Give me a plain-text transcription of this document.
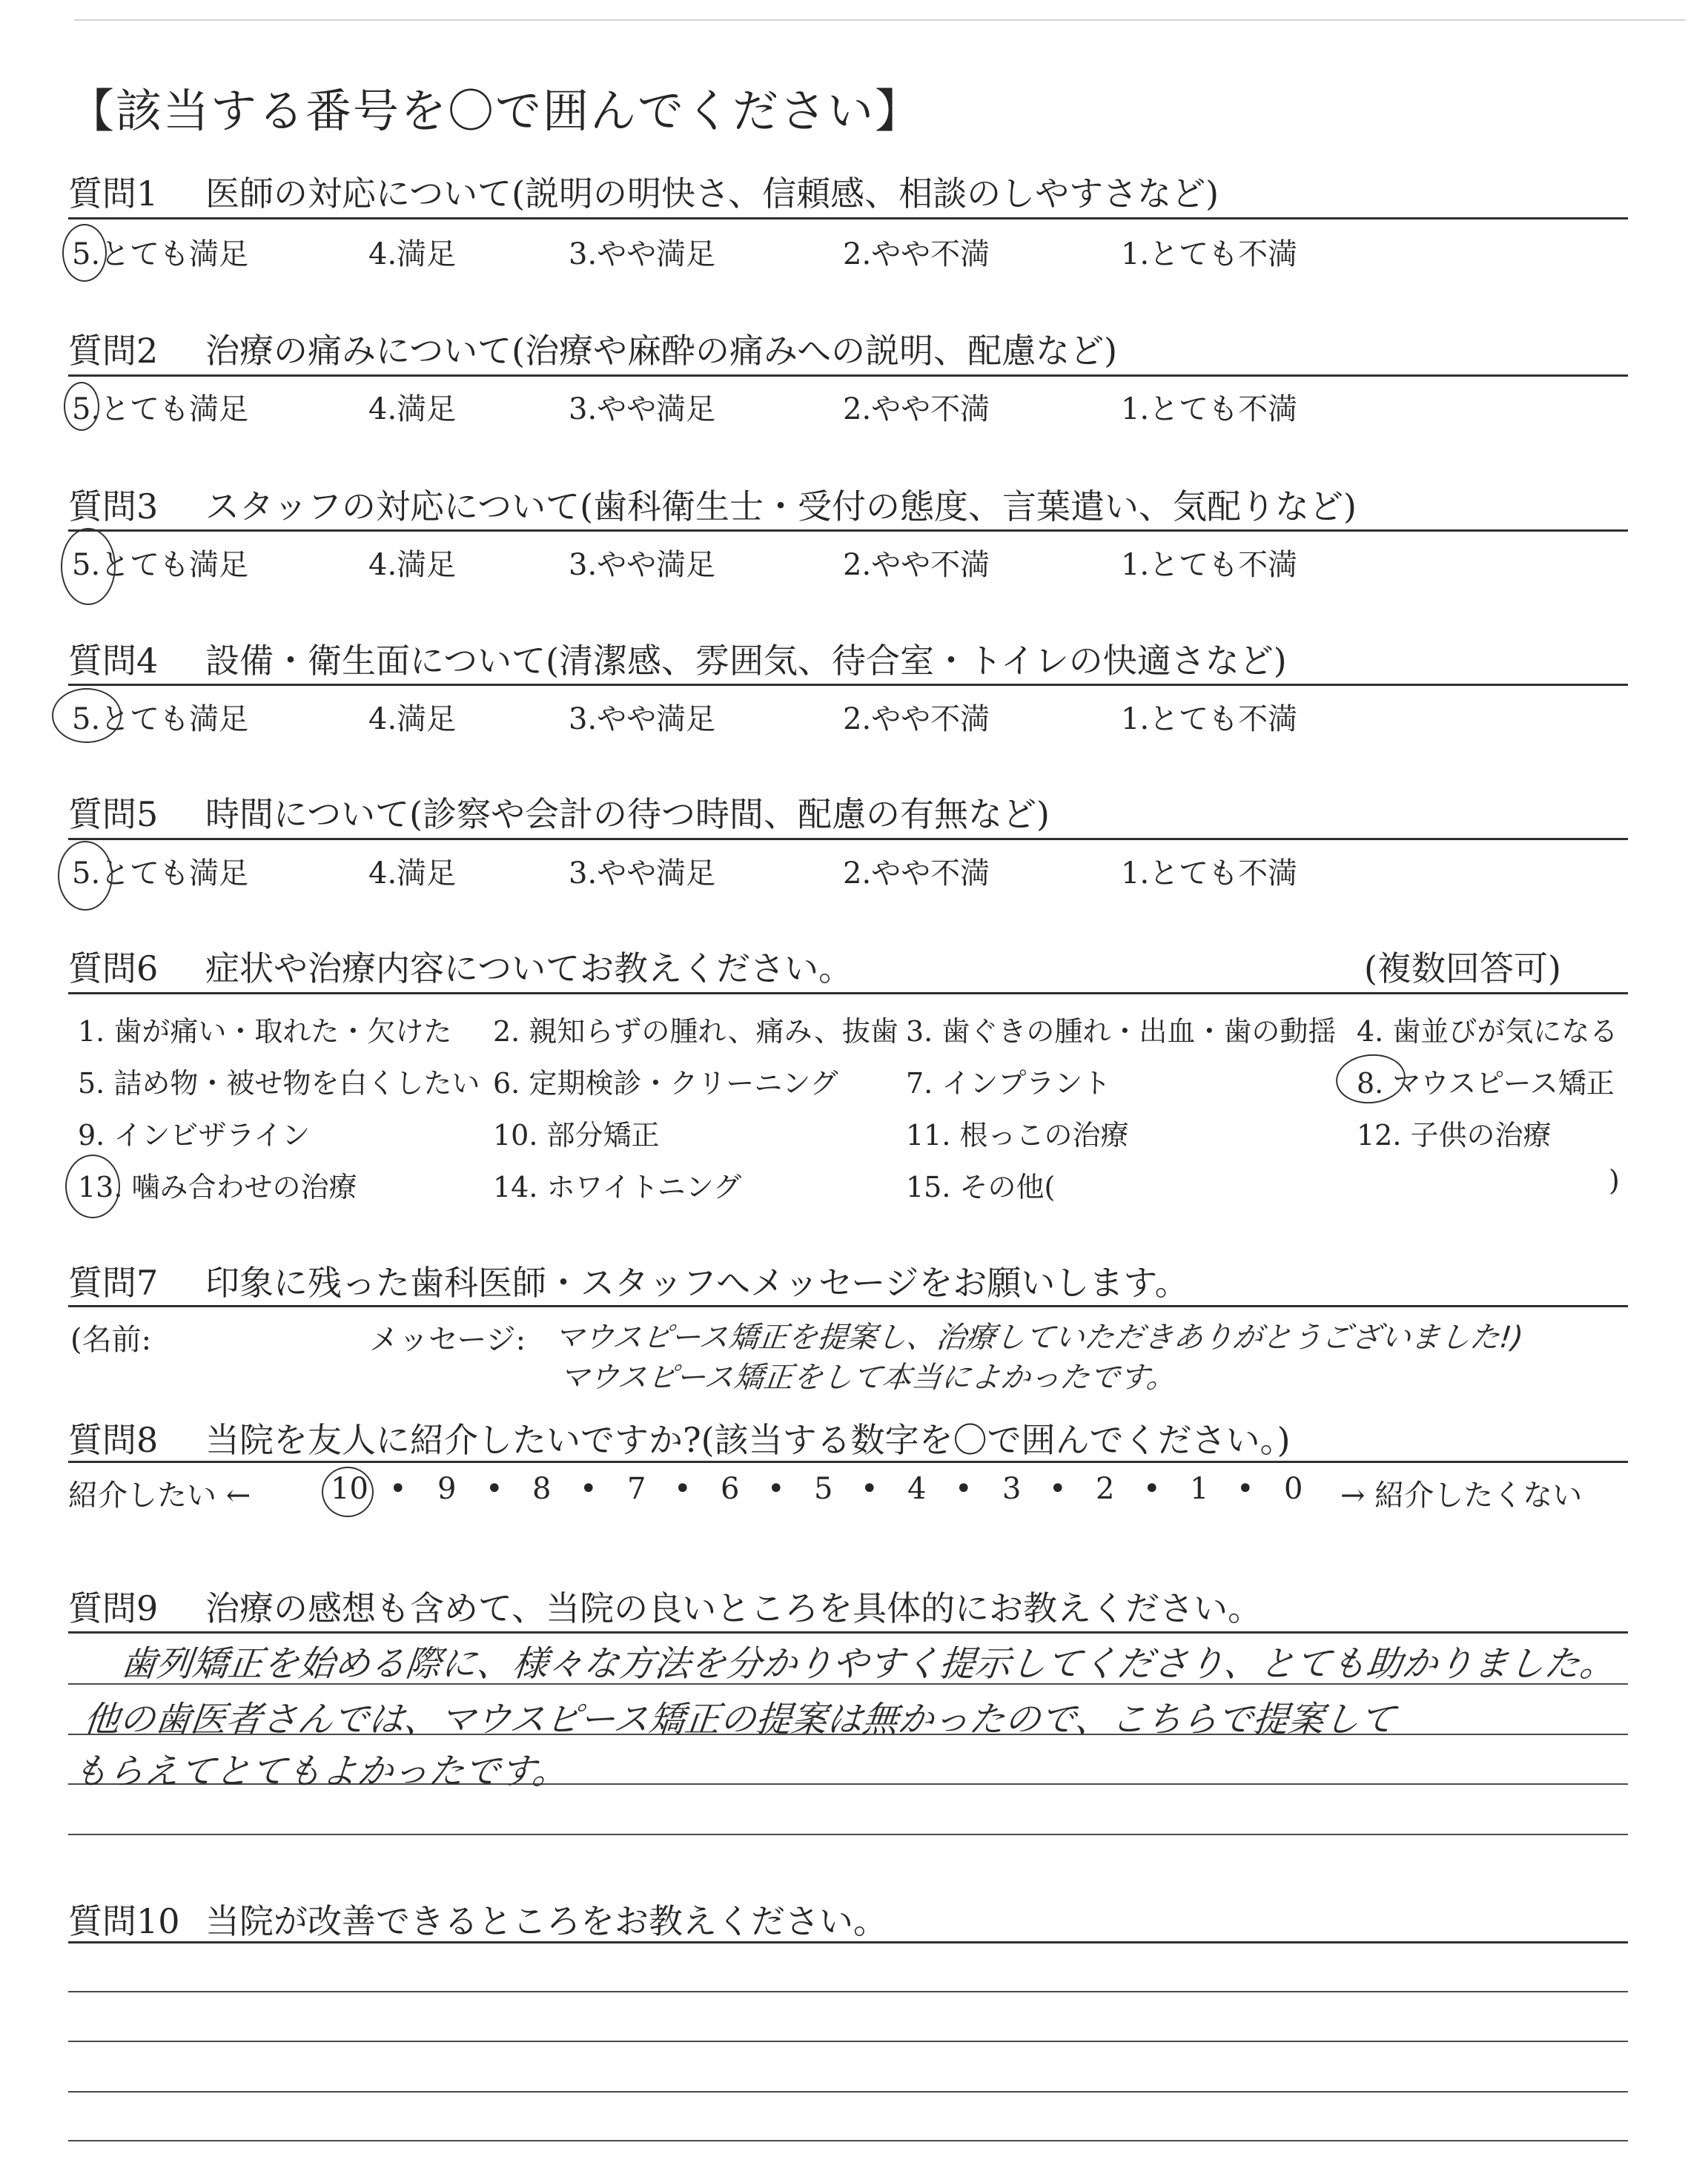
【該当する番号を〇で囲んでください】
質問1 医師の対応について(説明の明快さ、信頼感、相談のしやすさなど)
5.とても満足	4.満足	3.やや満足	2.やや不満	1.とても不満
質問2 治療の痛みについて(治療や麻酔の痛みへの説明、配慮など)
5.とても満足	4.満足	3.やや満足	2.やや不満	1.とても不満
質問3 スタッフの対応について(歯科衛生士・受付の態度、言葉遣い、気配りなど)
5.とても満足	4.満足	3.やや満足	2.やや不満	1.とても不満
質問4 設備・衛生面について(清潔感、雰囲気、待合室・トイレの快適さなど)
5.とても満足	4.満足	3.やや満足	2.やや不満	1.とても不満
質問5 時間について(診察や会計の待つ時間、配慮の有無など)
5.とても満足	4.満足	3.やや満足	2.やや不満	1.とても不満
質問6 症状や治療内容についてお教えください。	(複数回答可)
1. 歯が痛い・取れた・欠けた 2. 親知らずの腫れ、痛み、抜歯 3. 歯ぐきの腫れ・出血・歯の動揺 4. 歯並びが気になる
5. 詰め物・被せ物を白くしたい 6. 定期検診・クリーニング 7. インプラント	8. マウスピース矯正
9. インビザライン	10. 部分矯正	11. 根っこの治療	12. 子供の治療
13. 噛み合わせの治療	14. ホワイトニング	15. その他(	)
質問7 印象に残った歯科医師・スタッフへメッセージをお願いします。
(名前:	メッセージ: マウスピース矯正を提案し、治療していただきありがとうございました!)
マウスピース矯正をして本当によかったです。
質問8 当院を友人に紹介したいですか?(該当する数字を〇で囲んでください。)
紹介したい ←	10 9	8	7	6	5	4	3	2	1	0
•	•	•	•	•	•	•	•	•	•	→ 紹介したくない
質問9 治療の感想も含めて、当院の良いところを具体的にお教えください。
歯列矯正を始める際に、様々な方法を分かりやすく提示してくださり、とても助かりました。
他の歯医者さんでは、マウスピース矯正の提案は無かったので、こちらで提案して
もらえてとてもよかったです。
質問10 当院が改善できるところをお教えください。
